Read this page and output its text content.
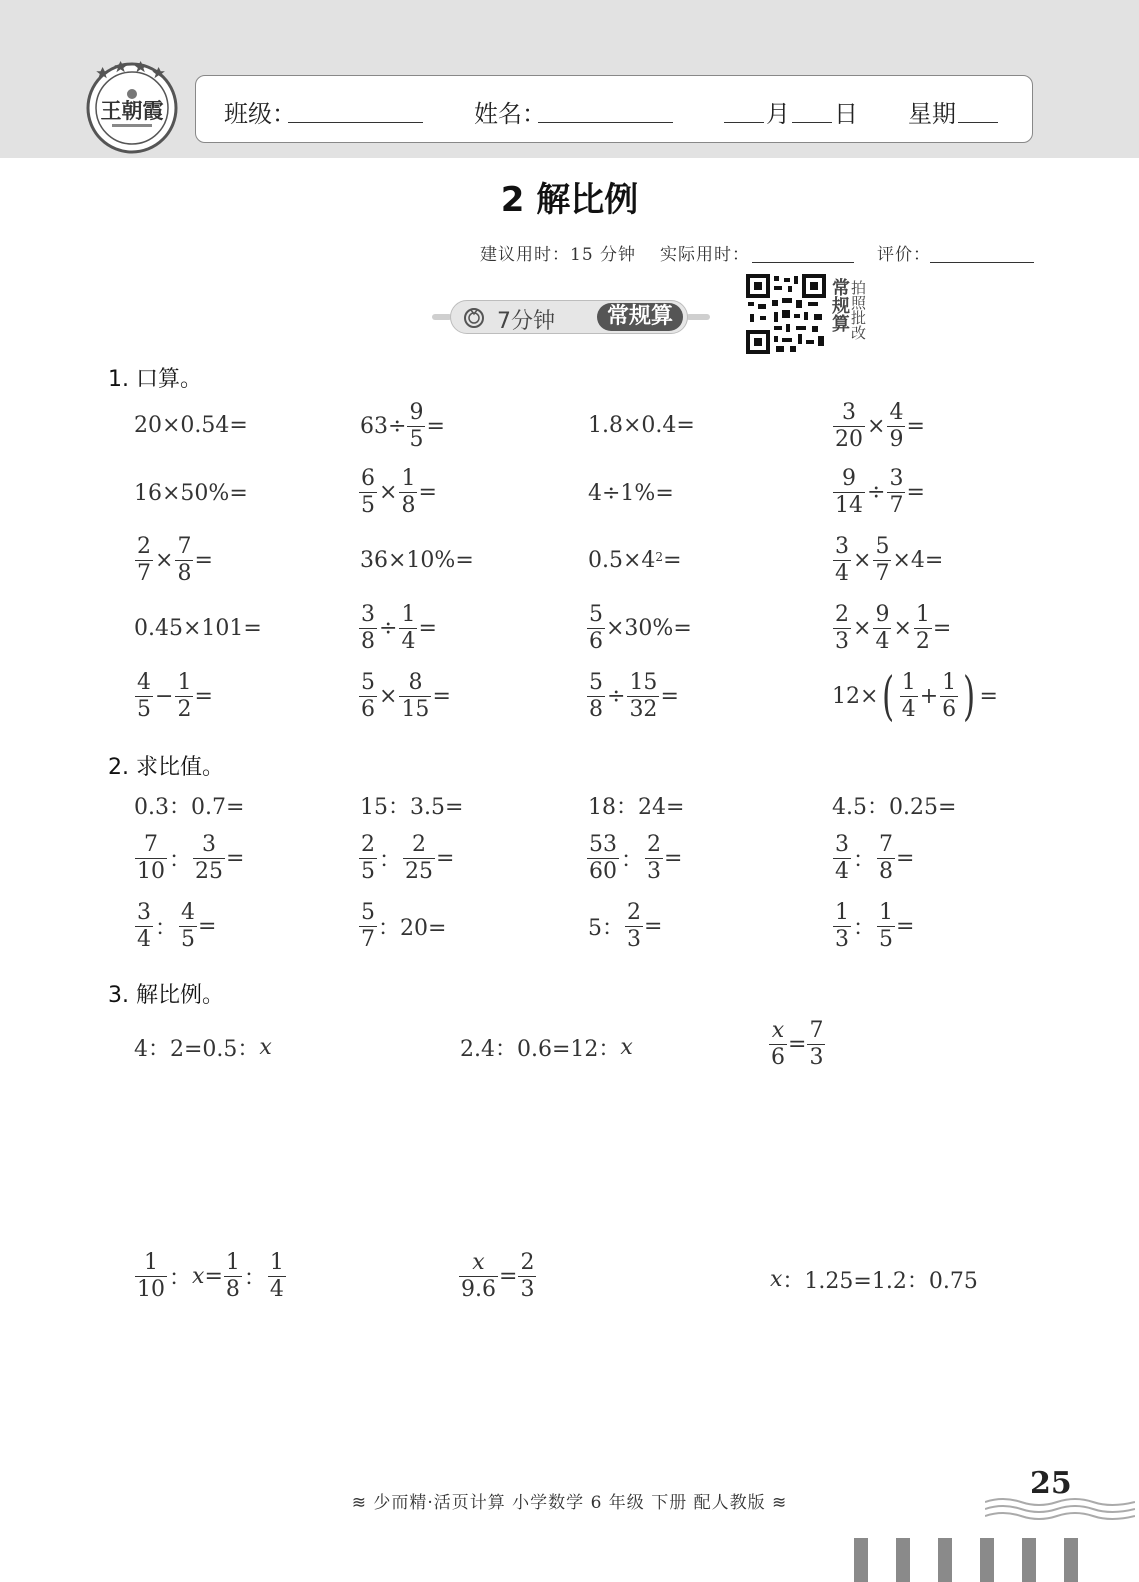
王朝霞	班级：	姓名：	月 日 星期
2 解比例
建议用时：15 分钟 实际用时：	评价：
7分钟	常规算	常规算 拍照批改
1. 口算。
20×0.54=	$63\div \frac{9}{5}$ =	1.8×0.4=	$\frac{3}{20} \times \frac{4}{9}$ =
16×50%=	$\frac{6}{5} \times \frac{1}{8}$ =	4÷1%=	$\frac{9}{14} \div \frac{3}{7}$ =
$\frac{2}{7} \times \frac{7}{8}$ =	36×10%=	$0.5\times 4^2$ =	$\frac{3}{4} \times \frac{5}{7} \times 4=$
0.45×101=	$\frac{3}{8} \div \frac{1}{4}$ =	$\frac{5}{6} \times 30\%=$	$\frac{2}{3} \times \frac{9}{4} \times \frac{1}{2}$ =
$\frac{4}{5} - \frac{1}{2}$ =	$\frac{5}{6} \times \frac{8}{15}$ =	$\frac{5}{8} \div \frac{15}{32}$ =	12× ( $\frac{1}{4} + \frac{1}{6}$ ) =
2. 求比值。
0.3：0.7=	15：3.5=	18：24=	4.5：0.25=
$\frac{7}{10}$ ： $\frac{3}{25}$ =	$\frac{2}{5}$ ： $\frac{2}{25}$ =	$\frac{53}{60}$ ： $\frac{2}{3}$ =	$\frac{3}{4}$ ： $\frac{7}{8}$ =
$\frac{3}{4}$ ： $\frac{4}{5}$ =	$\frac{5}{7}$ ：20=	5： $\frac{2}{3}$ =	$\frac{1}{3}$ ： $\frac{1}{5}$ =
3. 解比例。
4：2=0.5： x	2.4：0.6=12： x	$\frac{x}{6} = \frac{7}{3}$
$\frac{1}{10}$ ： $x = \frac{1}{8}$ ： $\frac{1}{4}$	$\frac{x}{9.6} = \frac{2}{3}$	x ：1.25=1.2：0.75
≋ 少而精·活页计算 小学数学 6 年级 下册 配人教版 ≋
25
